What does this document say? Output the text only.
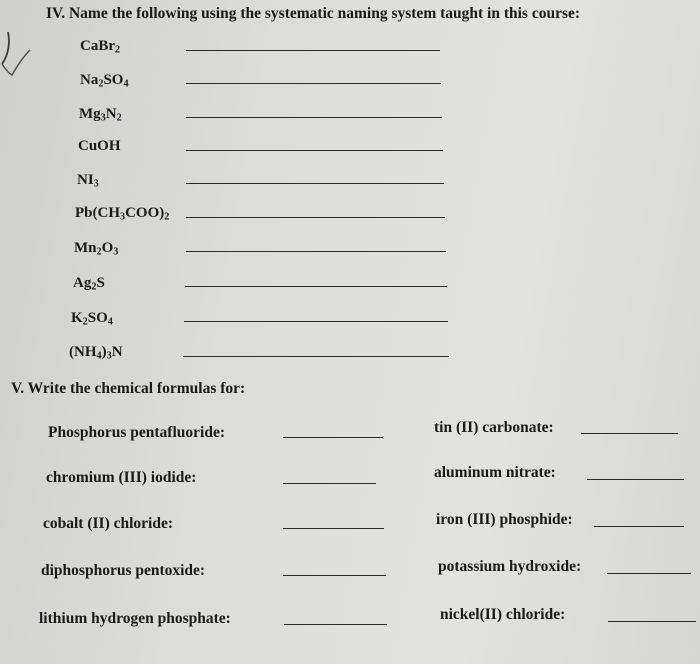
IV. Name the following using the systematic naming system taught in this course:
CaBr$_2$
$Na_2SO_4$
$Mg_3N_2$
CuOH
$NI_3$
$Pb(CH_3COO)_2$
$Mn_2O_3$
$Ag_2S$
$K_2SO_4$
$(NH_4)_3N$
V. Write the chemical formulas for:
Phosphorus pentafluoride:
chromium (III) iodide:
cobalt (II) chloride:
diphosphorus pentoxide:
lithium hydrogen phosphate:
tin (II) carbonate:
aluminum nitrate:
iron (III) phosphide:
potassium hydroxide:
nickel(II) chloride:
